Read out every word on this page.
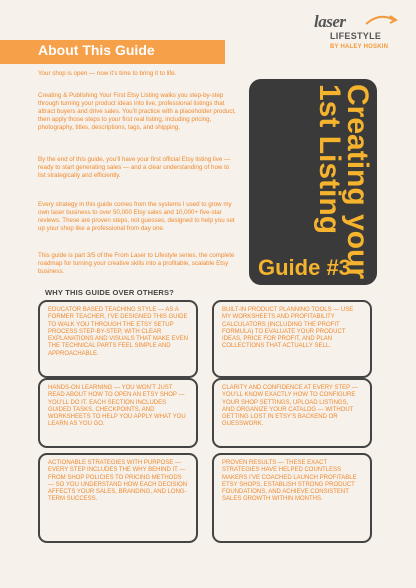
About This Guide
laser
LIFESTYLE
BY HALEY HOSKIN

Your shop is open — now it’s time to bring it to life.

Creating & Publishing Your First Etsy Listing walks you step-by-step through turning your product ideas into live, professional listings that attract buyers and drive sales. You’ll practice with a placeholder product, then apply those steps to your first real listing, including pricing, photography, titles, descriptions, tags, and shipping.

By the end of this guide, you’ll have your first official Etsy listing live — ready to start generating sales — and a clear understanding of how to list strategically and efficiently.

Every strategy in this guide comes from the systems I used to grow my own laser business to over 50,000 Etsy sales and 10,000+ five-star reviews. These are proven steps, not guesses, designed to help you set up your shop like a professional from day one.

This guide is part 3/5 of the From Laser to Lifestyle series, the complete roadmap for turning your creative skills into a profitable, scalable Etsy business.	Creating your 1st Listing
Guide #3
WHY THIS GUIDE OVER OTHERS?
EDUCATOR BASED TEACHING STYLE — AS A FORMER TEACHER, I’VE DESIGNED THIS GUIDE TO WALK YOU THROUGH THE ETSY SETUP PROCESS STEP-BY-STEP, WITH CLEAR EXPLANATIONS AND VISUALS THAT MAKE EVEN THE TECHNICAL PARTS FEEL SIMPLE AND APPROACHABLE.
BUILT-IN PRODUCT PLANNING TOOLS — USE MY WORKSHEETS AND PROFITABILITY CALCULATORS (INCLUDING THE PROFIT FORMULA) TO EVALUATE YOUR PRODUCT IDEAS, PRICE FOR PROFIT, AND PLAN COLLECTIONS THAT ACTUALLY SELL.
HANDS-ON LEARNING — YOU WON’T JUST READ ABOUT HOW TO OPEN AN ETSY SHOP — YOU’LL DO IT. EACH SECTION INCLUDES GUIDED TASKS, CHECKPOINTS, AND WORKSHEETS TO HELP YOU APPLY WHAT YOU LEARN AS YOU GO.
CLARITY AND CONFIDENCE AT EVERY STEP — YOU’LL KNOW EXACTLY HOW TO CONFIGURE YOUR SHOP SETTINGS, UPLOAD LISTINGS, AND ORGANIZE YOUR CATALOG — WITHOUT GETTING LOST IN ETSY’S BACKEND OR GUESSWORK.
ACTIONABLE STRATEGIES WITH PURPOSE — EVERY STEP INCLUDES THE WHY BEHIND IT — FROM SHOP POLICIES TO PRICING METHODS — SO YOU UNDERSTAND HOW EACH DECISION AFFECTS YOUR SALES, BRANDING, AND LONG-TERM SUCCESS.
PROVEN RESULTS — THESE EXACT STRATEGIES HAVE HELPED COUNTLESS MAKERS I’VE COACHED LAUNCH PROFITABLE ETSY SHOPS, ESTABLISH STRONG PRODUCT FOUNDATIONS, AND ACHIEVE CONSISTENT SALES GROWTH WITHIN MONTHS.
